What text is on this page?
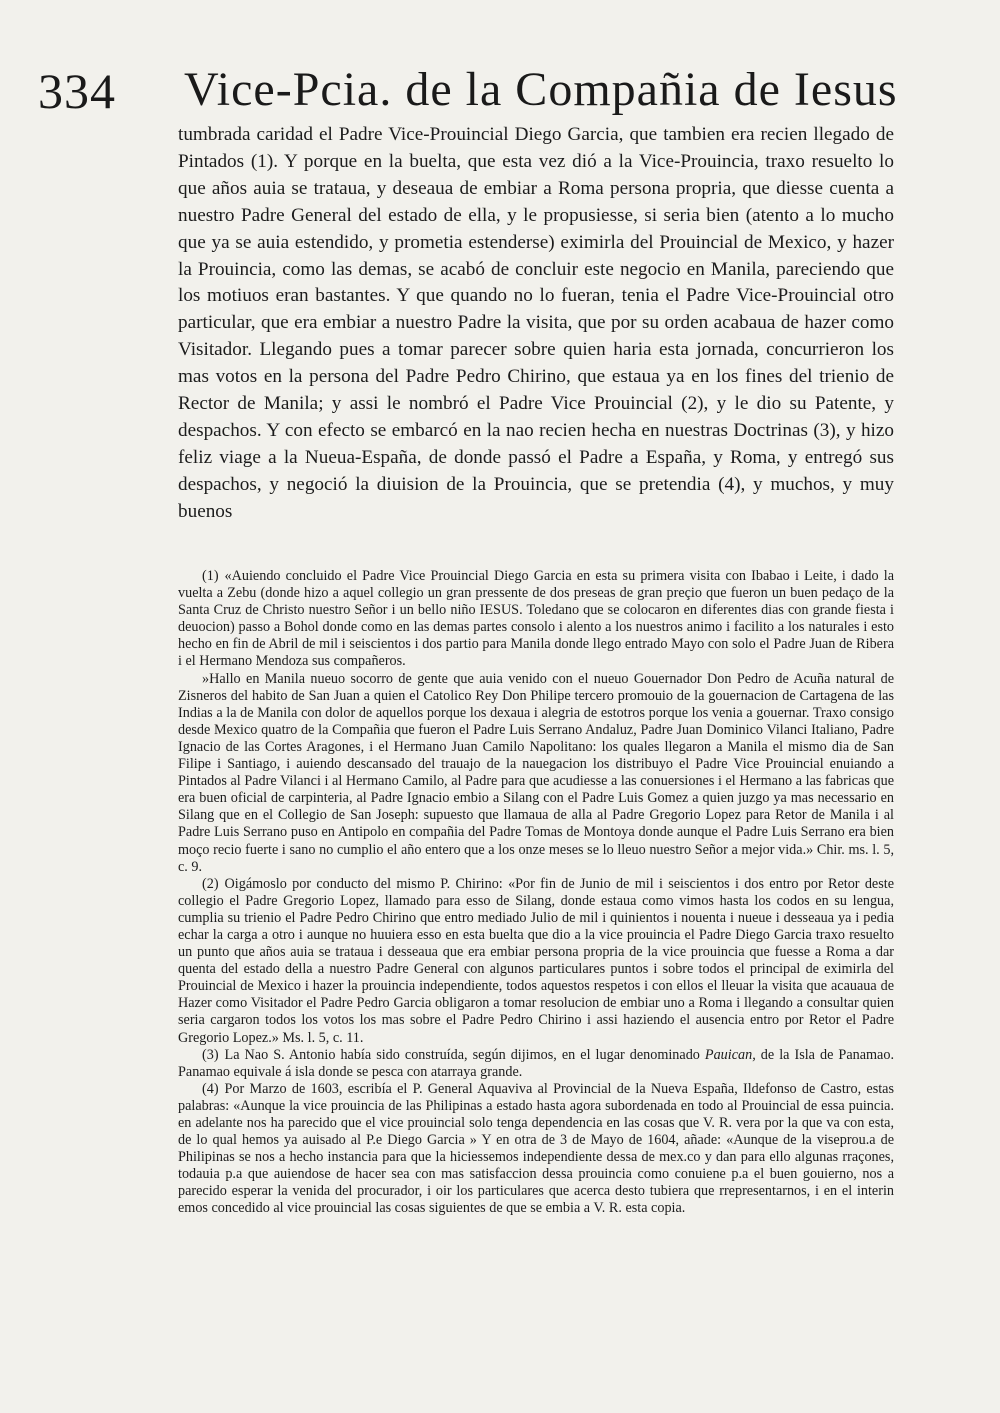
334 Vice-Pcia. de la Compañia de Iesus

tumbrada caridad el Padre Vice-Prouincial Diego Garcia, que tambien era recien llegado de Pintados (1). Y porque en la buelta, que esta vez dió a la Vice-Prouincia, traxo resuelto lo que años auia se trataua, y deseaua de embiar a Roma persona propria, que diesse cuenta a nuestro Padre General del estado de ella, y le propusiesse, si seria bien (atento a lo mucho que ya se auia estendido, y prometia estenderse) eximirla del Prouincial de Mexico, y hazer la Prouincia, como las demas, se acabó de concluir este negocio en Manila, pareciendo que los motiuos eran bastantes. Y que quando no lo fueran, tenia el Padre Vice-Prouincial otro particular, que era embiar a nuestro Padre la visita, que por su orden acabaua de hazer como Visitador. Llegando pues a tomar parecer sobre quien haria esta jornada, concurrieron los mas votos en la persona del Padre Pedro Chirino, que estaua ya en los fines del trienio de Rector de Manila; y assi le nombró el Padre Vice Prouincial (2), y le dio su Patente, y despachos. Y con efecto se embarcó en la nao recien hecha en nuestras Doctrinas (3), y hizo feliz viage a la Nueua-España, de donde passó el Padre a España, y Roma, y entregó sus despachos, y negoció la diuision de la Prouincia, que se pretendia (4), y muchos, y muy buenos

(1) «Auiendo concluido el Padre Vice Prouincial Diego Garcia en esta su primera visita con Ibabao i Leite, i dado la vuelta a Zebu (donde hizo a aquel collegio un gran pressente de dos preseas de gran preçio que fueron un buen pedaço de la Santa Cruz de Christo nuestro Señor i un bello niño IESUS. Toledano que se colocaron en diferentes dias con grande fiesta i deuocion) passo a Bohol donde como en las demas partes consolo i alento a los nuestros animo i facilito a los naturales i esto hecho en fin de Abril de mil i seiscientos i dos partio para Manila donde llego entrado Mayo con solo el Padre Juan de Ribera i el Hermano Mendoza sus compañeros.

»Hallo en Manila nueuo socorro de gente que auia venido con el nueuo Gouernador Don Pedro de Acuña natural de Zisneros del habito de San Juan a quien el Catolico Rey Don Philipe tercero promouio de la gouernacion de Cartagena de las Indias a la de Manila con dolor de aquellos porque los dexaua i alegria de estotros porque los venia a gouernar. Traxo consigo desde Mexico quatro de la Compañia que fueron el Padre Luis Serrano Andaluz, Padre Juan Dominico Vilanci Italiano, Padre Ignacio de las Cortes Aragones, i el Hermano Juan Camilo Napolitano: los quales llegaron a Manila el mismo dia de San Filipe i Santiago, i auiendo descansado del trauajo de la nauegacion los distribuyo el Padre Vice Prouincial enuiando a Pintados al Padre Vilanci i al Hermano Camilo, al Padre para que acudiesse a las conuersiones i el Hermano a las fabricas que era buen oficial de carpinteria, al Padre Ignacio embio a Silang con el Padre Luis Gomez a quien juzgo ya mas necessario en Silang que en el Collegio de San Joseph: supuesto que llamaua de alla al Padre Gregorio Lopez para Retor de Manila i al Padre Luis Serrano puso en Antipolo en compañia del Padre Tomas de Montoya donde aunque el Padre Luis Serrano era bien moço recio fuerte i sano no cumplio el año entero que a los onze meses se lo lleuo nuestro Señor a mejor vida.» Chir. ms. l. 5, c. 9.

(2) Oigámoslo por conducto del mismo P. Chirino: «Por fin de Junio de mil i seiscientos i dos entro por Retor deste collegio el Padre Gregorio Lopez, llamado para esso de Silang, donde estaua como vimos hasta los codos en su lengua, cumplia su trienio el Padre Pedro Chirino que entro mediado Julio de mil i quinientos i nouenta i nueue i desseaua ya i pedia echar la carga a otro i aunque no huuiera esso en esta buelta que dio a la vice prouincia el Padre Diego Garcia traxo resuelto un punto que años auia se trataua i desseaua que era embiar persona propria de la vice prouincia que fuesse a Roma a dar quenta del estado della a nuestro Padre General con algunos particulares puntos i sobre todos el principal de eximirla del Prouincial de Mexico i hazer la prouincia independiente, todos aquestos respetos i con ellos el lleuar la visita que acauaua de Hazer como Visitador el Padre Pedro Garcia obligaron a tomar resolucion de embiar uno a Roma i llegando a consultar quien seria cargaron todos los votos los mas sobre el Padre Pedro Chirino i assi haziendo el ausencia entro por Retor el Padre Gregorio Lopez.» Ms. l. 5, c. 11.

(3) La Nao S. Antonio había sido construída, según dijimos, en el lugar denominado Pauican, de la Isla de Panamao. Panamao equivale á isla donde se pesca con atarraya grande.

(4) Por Marzo de 1603, escribía el P. General Aquaviva al Provincial de la Nueva España, Ildefonso de Castro, estas palabras: «Aunque la vice prouincia de las Philipinas a estado hasta agora subordenada en todo al Prouincial de essa puincia. en adelante nos ha parecido que el vice prouincial solo tenga dependencia en las cosas que V. R. vera por la que va con esta, de lo qual hemos ya auisado al P.e Diego Garcia » Y en otra de 3 de Mayo de 1604, añade: «Aunque de la viseprou.a de Philipinas se nos a hecho instancia para que la hiciessemos independiente dessa de mex.co y dan para ello algunas rraçones, todauia p.a que auiendose de hacer sea con mas satisfaccion dessa prouincia como conuiene p.a el buen gouierno, nos a parecido esperar la venida del procurador, i oir los particulares que acerca desto tubiera que rrepresentarnos, i en el interin emos concedido al vice prouincial las cosas siguientes de que se embia a V. R. esta copia.
